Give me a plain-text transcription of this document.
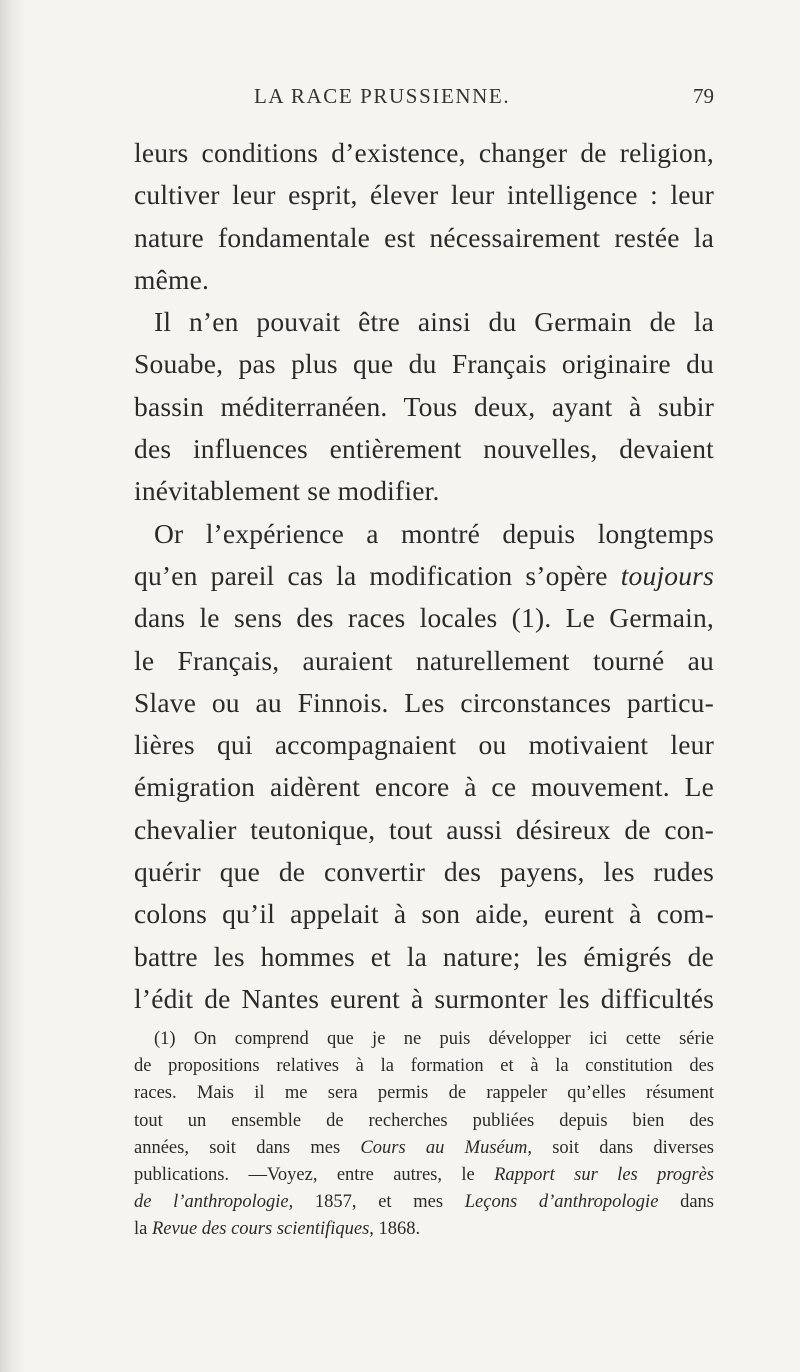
LA RACE PRUSSIENNE.	79
leurs conditions d’existence, changer de religion,
cultiver leur esprit, élever leur intelligence : leur
nature fondamentale est nécessairement restée la
même.
Il n’en pouvait être ainsi du Germain de la
Souabe, pas plus que du Français originaire du
bassin méditerranéen. Tous deux, ayant à subir
des influences entièrement nouvelles, devaient
inévitablement se modifier.
Or l’expérience a montré depuis longtemps
qu’en pareil cas la modification s’opère toujours
dans le sens des races locales (1). Le Germain,
le Français, auraient naturellement tourné au
Slave ou au Finnois. Les circonstances particu-
lières qui accompagnaient ou motivaient leur
émigration aidèrent encore à ce mouvement. Le
chevalier teutonique, tout aussi désireux de con-
quérir que de convertir des payens, les rudes
colons qu’il appelait à son aide, eurent à com-
battre les hommes et la nature; les émigrés de
l’édit de Nantes eurent à surmonter les difficultés
(1) On comprend que je ne puis développer ici cette série
de propositions relatives à la formation et à la constitution des
races. Mais il me sera permis de rappeler qu’elles résument
tout un ensemble de recherches publiées depuis bien des
années, soit dans mes Cours au Muséum, soit dans diverses
publications. —Voyez, entre autres, le Rapport sur les progrès
de l’anthropologie, 1857, et mes Leçons d’anthropologie dans
la Revue des cours scientifiques, 1868.
